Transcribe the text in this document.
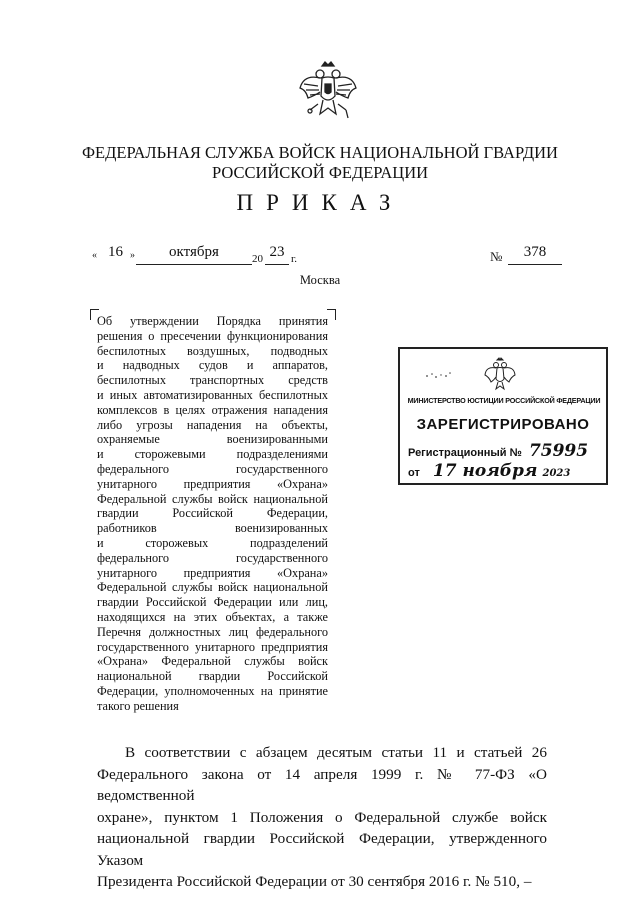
ФЕДЕРАЛЬНАЯ СЛУЖБА ВОЙСК НАЦИОНАЛЬНОЙ ГВАРДИИ
РОССИЙСКОЙ ФЕДЕРАЦИИ
ПРИКАЗ
« 16 »	октября	20 23 г.	№	378
Москва
Об утверждении Порядка принятия
решения о пресечении функционирования
беспилотных воздушных, подводных
и надводных судов и аппаратов,
беспилотных транспортных средств
и иных автоматизированных беспилотных
комплексов в целях отражения нападения
либо угрозы нападения на объекты,
охраняемые военизированными
и сторожевыми подразделениями
федерального государственного
унитарного предприятия «Охрана»
Федеральной службы войск национальной
гвардии Российской Федерации,
работников военизированных
и сторожевых подразделений
федерального государственного
унитарного предприятия «Охрана»
Федеральной службы войск национальной
гвардии Российской Федерации или лиц,
находящихся на этих объектах, а также
Перечня должностных лиц федерального
государственного унитарного предприятия
«Охрана» Федеральной службы войск
национальной гвардии Российской
Федерации, уполномоченных на принятие
такого решения
МИНИСТЕРСТВО ЮСТИЦИИ РОССИЙСКОЙ ФЕДЕРАЦИИ
ЗАРЕГИСТРИРОВАНО
Регистрационный № 75995
от 17 ноября 2023
В соответствии с абзацем десятым статьи 11 и статьей 26
Федерального закона от 14 апреля 1999 г. № 77-ФЗ «О ведомственной
охране», пунктом 1 Положения о Федеральной службе войск
национальной гвардии Российской Федерации, утвержденного Указом
Президента Российской Федерации от 30 сентября 2016 г. № 510, –
